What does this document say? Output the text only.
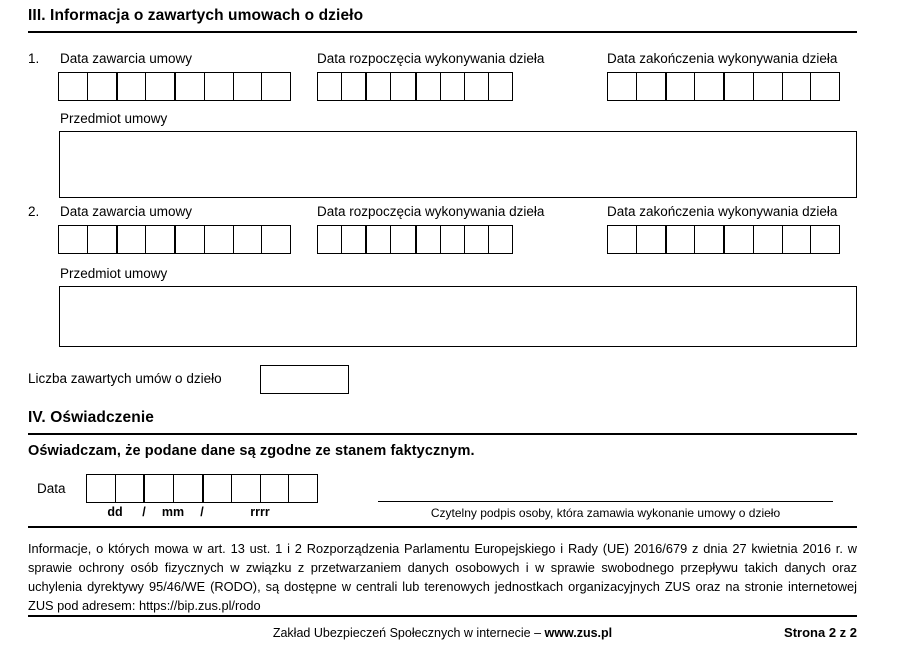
III. Informacja o zawartych umowach o dzieło
1. Data zawarcia umowy	Data rozpoczęcia wykonywania dzieła	Data zakończenia wykonywania dzieła
Przedmiot umowy
2. Data zawarcia umowy	Data rozpoczęcia wykonywania dzieła	Data zakończenia wykonywania dzieła
Przedmiot umowy
Liczba zawartych umów o dzieło
IV. Oświadczenie
Oświadczam, że podane dane są zgodne ze stanem faktycznym.
Data
dd	/	mm	/	rrrr	Czytelny podpis osoby, która zamawia wykonanie umowy o dzieło
Informacje, o których mowa w art. 13 ust. 1 i 2 Rozporządzenia Parlamentu Europejskiego i Rady (UE) 2016/679 z dnia 27 kwietnia 2016 r. w sprawie ochrony osób fizycznych w związku z przetwarzaniem danych osobowych i w sprawie swobodnego przepływu takich danych oraz uchylenia dyrektywy 95/46/WE (RODO), są dostępne w centrali lub terenowych jednostkach organizacyjnych ZUS oraz na stronie internetowej ZUS pod adresem: https://bip.zus.pl/rodo
Zakład Ubezpieczeń Społecznych w internecie – www.zus.pl	Strona 2 z 2
